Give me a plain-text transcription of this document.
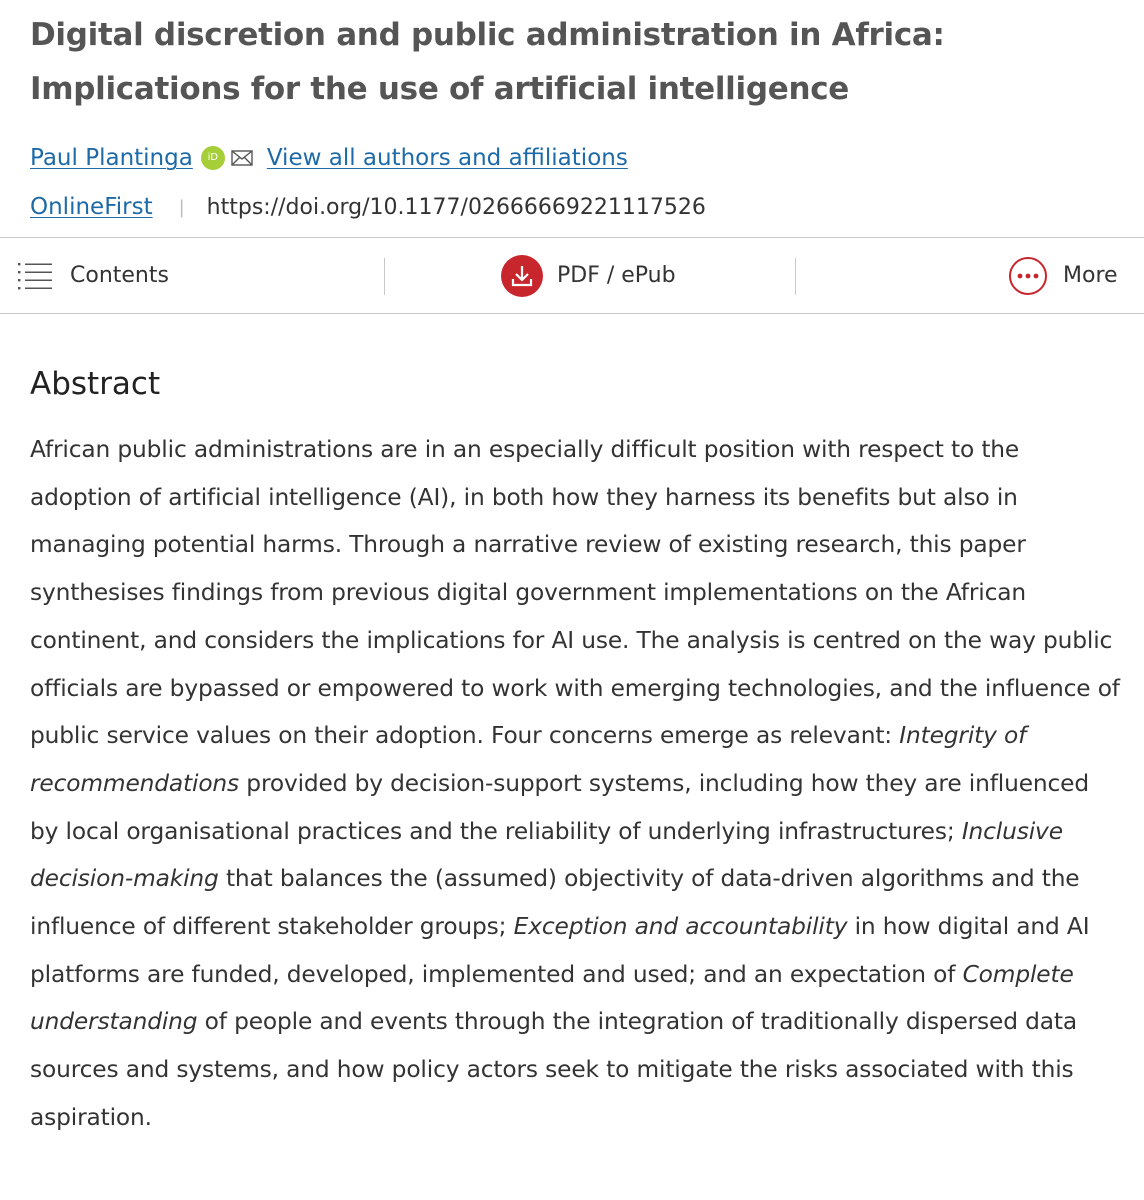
Digital discretion and public administration in Africa: Implications for the use of artificial intelligence
Paul Plantinga	iD View all authors and affiliations
OnlineFirst | https://doi.org/10.1177/02666669221117526
Contents	PDF / ePub	More
Abstract

African public administrations are in an especially difficult position with respect to the adoption of artificial intelligence (AI), in both how they harness its benefits but also in managing potential harms. Through a narrative review of existing research, this paper synthesises findings from previous digital government implementations on the African continent, and considers the implications for AI use. The analysis is centred on the way public officials are bypassed or empowered to work with emerging technologies, and the influence of public service values on their adoption. Four concerns emerge as relevant: Integrity of recommendations provided by decision-support systems, including how they are influenced by local organisational practices and the reliability of underlying infrastructures; Inclusive decision-making that balances the (assumed) objectivity of data-driven algorithms and the influence of different stakeholder groups; Exception and accountability in how digital and AI platforms are funded, developed, implemented and used; and an expectation of Complete understanding of people and events through the integration of traditionally dispersed data sources and systems, and how policy actors seek to mitigate the risks associated with this aspiration.
